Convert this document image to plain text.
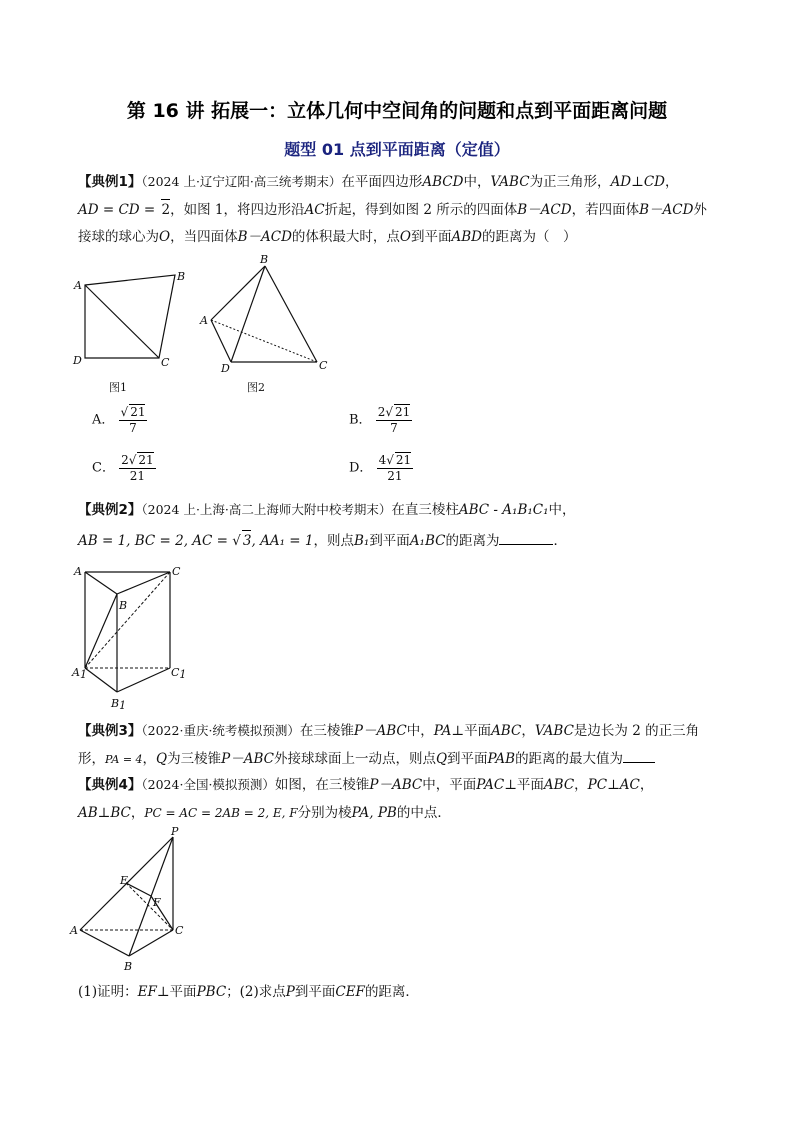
第 16 讲 拓展一：立体几何中空间角的问题和点到平面距离问题
题型 01 点到平面距离（定值）
【典例1】（2024 上·辽宁辽阳·高三统考期末）在平面四边形ABCD中，VABC为正三角形，AD⊥CD，
AD = CD = 2，如图 1，将四边形沿AC折起，得到如图 2 所示的四面体B－ACD，若四面体B－ACD外
接球的球心为O，当四面体B－ACD的体积最大时，点O到平面ABD的距离为（　）
A
B
C
D
图1
B
A
C
D
图2
A． $\frac{√ 21}{7}$	B． $\frac{2√ 21}{7}$
C． $\frac{2√ 21}{21}$	D． $\frac{4√ 21}{21}$
【典例2】（2024 上·上海·高二上海师大附中校考期末）在直三棱柱ABC - A₁B₁C₁中，
AB = 1, BC = 2, AC = √ 3, AA₁ = 1，则点B₁到平面A₁BC的距离为	．
A	C
B
A1	C1
B1
【典例3】（2022·重庆·统考模拟预测）在三棱锥P－ABC中，PA⊥平面ABC，VABC是边长为 2 的正三角
形，PA = 4，Q为三棱锥P－ABC外接球球面上一动点，则点Q到平面PAB的距离的最大值为
【典例4】（2024·全国·模拟预测）如图，在三棱锥P－ABC中，平面PAC⊥平面ABC，PC⊥AC，
AB⊥BC，PC = AC = 2AB = 2, E, F分别为棱PA, PB的中点．
P
E
F
A	C
B
(1)证明：EF⊥平面PBC；(2)求点P到平面CEF的距离．
